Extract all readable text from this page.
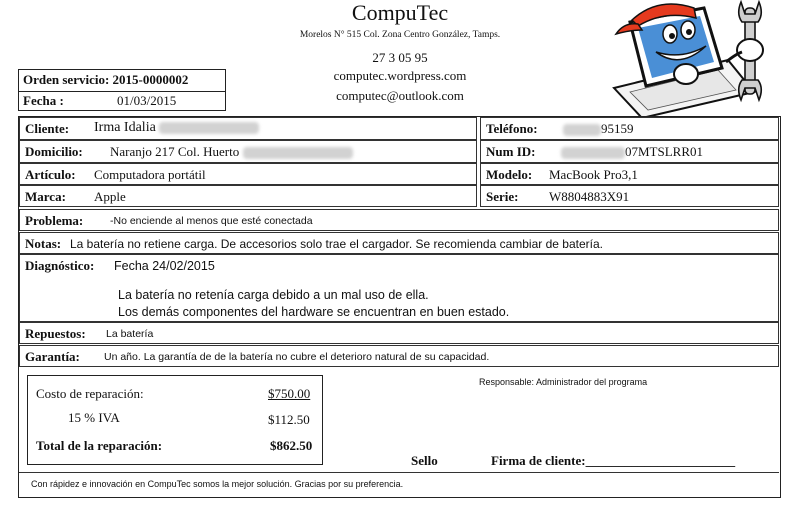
CompuTec
Morelos N° 515 Col. Zona Centro González, Tamps.
27 3 05 95
computec.wordpress.com
computec@outlook.com
Orden servicio: 2015-0000002
Fecha :	01/03/2015
Cliente: Irma Idalia	Teléfono:	95159
Domicilio: Naranjo 217 Col. Huerto	Num ID:	07MTSLRR01
Artículo: Computadora portátil	Modelo: MacBook Pro3,1
Marca: Apple	Serie: W8804883X91
Problema:	-No enciende al menos que esté conectada
Notas: La batería no retiene carga. De accesorios solo trae el cargador. Se recomienda cambiar de batería.
Diagnóstico: Fecha 24/02/2015
La batería no retenía carga debido a un mal uso de ella.
Los demás componentes del hardware se encuentran en buen estado.
Repuestos: La batería
Garantía: Un año. La garantía de de la batería no cubre el deterioro natural de su capacidad.
Costo de reparación:	$750.00
15 % IVA	$112.50
Total de la reparación:	$862.50
Responsable: Administrador del programa
Sello	Firma de cliente:_______________________
Con rápidez e innovación en CompuTec somos la mejor solución. Gracias por su preferencia.
